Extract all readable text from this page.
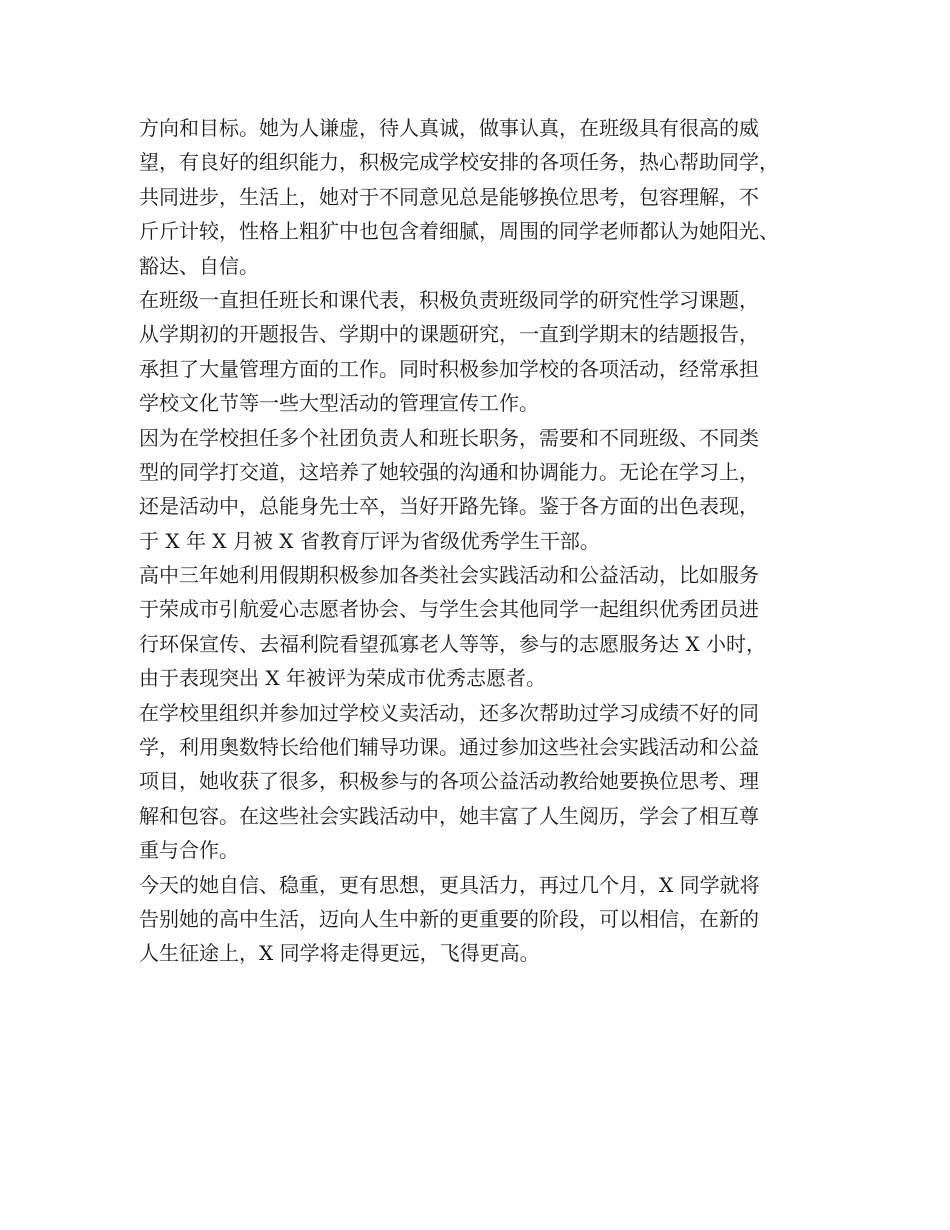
方向和目标。她为人谦虚，待人真诚，做事认真，在班级具有很高的威
望，有良好的组织能力，积极完成学校安排的各项任务，热心帮助同学，
共同进步，生活上，她对于不同意见总是能够换位思考，包容理解，不
斤斤计较，性格上粗犷中也包含着细腻，周围的同学老师都认为她阳光、
豁达、自信。
在班级一直担任班长和课代表，积极负责班级同学的研究性学习课题，
从学期初的开题报告、学期中的课题研究，一直到学期末的结题报告，
承担了大量管理方面的工作。同时积极参加学校的各项活动，经常承担
学校文化节等一些大型活动的管理宣传工作。
因为在学校担任多个社团负责人和班长职务，需要和不同班级、不同类
型的同学打交道，这培养了她较强的沟通和协调能力。无论在学习上，
还是活动中，总能身先士卒，当好开路先锋。鉴于各方面的出色表现，
于 X 年 X 月被 X 省教育厅评为省级优秀学生干部。
高中三年她利用假期积极参加各类社会实践活动和公益活动，比如服务
于荣成市引航爱心志愿者协会、与学生会其他同学一起组织优秀团员进
行环保宣传、去福利院看望孤寡老人等等，参与的志愿服务达 X 小时，
由于表现突出 X 年被评为荣成市优秀志愿者。
在学校里组织并参加过学校义卖活动，还多次帮助过学习成绩不好的同
学，利用奥数特长给他们辅导功课。通过参加这些社会实践活动和公益
项目，她收获了很多，积极参与的各项公益活动教给她要换位思考、理
解和包容。在这些社会实践活动中，她丰富了人生阅历，学会了相互尊
重与合作。
今天的她自信、稳重，更有思想，更具活力，再过几个月，X 同学就将
告别她的高中生活，迈向人生中新的更重要的阶段，可以相信，在新的
人生征途上，X 同学将走得更远，飞得更高。
